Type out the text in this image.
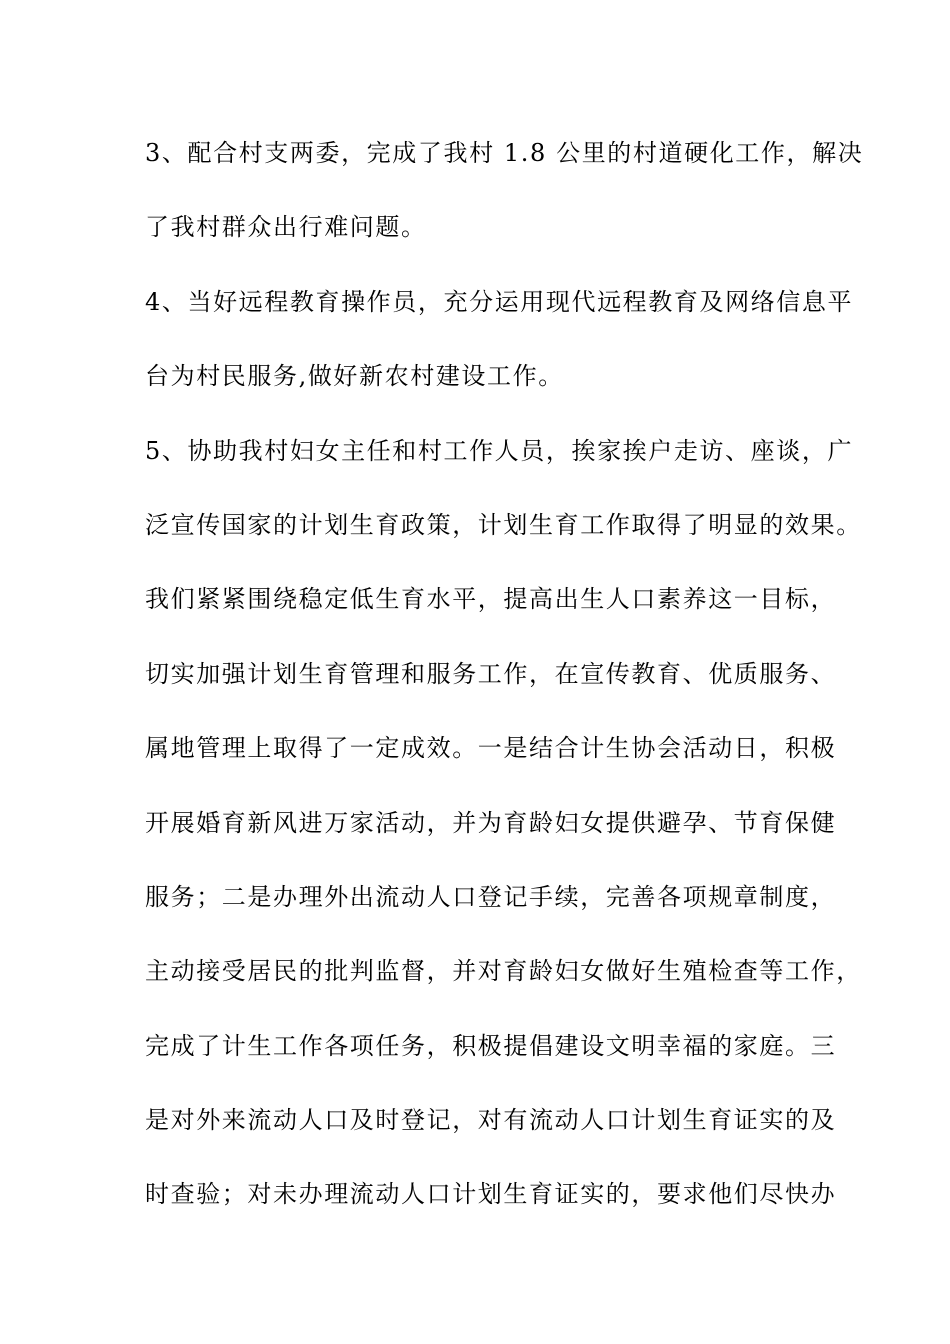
3、配合村支两委，完成了我村 1.8 公里的村道硬化工作，解决
了我村群众出行难问题。
4、当好远程教育操作员，充分运用现代远程教育及网络信息平
台为村民服务,做好新农村建设工作。
5、协助我村妇女主任和村工作人员，挨家挨户走访、座谈，广
泛宣传国家的计划生育政策，计划生育工作取得了明显的效果。
我们紧紧围绕稳定低生育水平，提高出生人口素养这一目标，
切实加强计划生育管理和服务工作，在宣传教育、优质服务、
属地管理上取得了一定成效。一是结合计生协会活动日，积极
开展婚育新风进万家活动，并为育龄妇女提供避孕、节育保健
服务；二是办理外出流动人口登记手续，完善各项规章制度，
主动接受居民的批判监督，并对育龄妇女做好生殖检查等工作，
完成了计生工作各项任务，积极提倡建设文明幸福的家庭。三
是对外来流动人口及时登记，对有流动人口计划生育证实的及
时查验；对未办理流动人口计划生育证实的，要求他们尽快办
